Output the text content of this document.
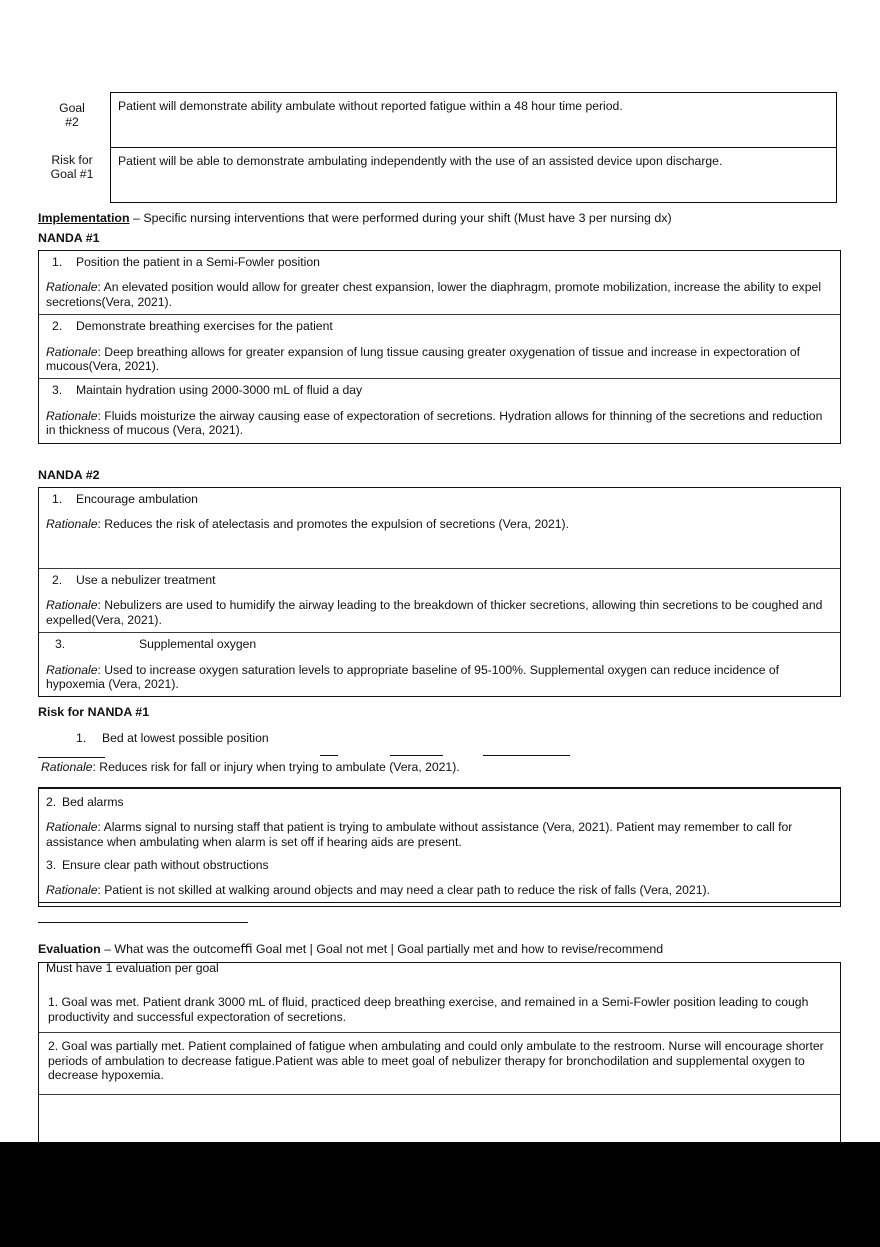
Goal
#2
Risk for
Goal #1
Patient will demonstrate ability ambulate without reported fatigue within a 48 hour time period.
Patient will be able to demonstrate ambulating independently with the use of an assisted device upon discharge.
Implementation – Specific nursing interventions that were performed during your shift (Must have 3 per nursing dx)
NANDA #1

1. Position the patient in a Semi-Fowler position

Rationale: An elevated position would allow for greater chest expansion, lower the diaphragm, promote mobilization, increase the ability to expel secretions(Vera, 2021).

2. Demonstrate breathing exercises for the patient

Rationale: Deep breathing allows for greater expansion of lung tissue causing greater oxygenation of tissue and increase in expectoration of mucous(Vera, 2021).

3. Maintain hydration using 2000-3000 mL of fluid a day

Rationale: Fluids moisturize the airway causing ease of expectoration of secretions. Hydration allows for thinning of the secretions and reduction in thickness of mucous (Vera, 2021).

NANDA #2

1. Encourage ambulation

Rationale: Reduces the risk of atelectasis and promotes the expulsion of secretions (Vera, 2021).

2. Use a nebulizer treatment

Rationale: Nebulizers are used to humidify the airway leading to the breakdown of thicker secretions, allowing thin secretions to be coughed and expelled(Vera, 2021).

3.	Supplemental oxygen

Rationale: Used to increase oxygen saturation levels to appropriate baseline of 95-100%. Supplemental oxygen can reduce incidence of hypoxemia (Vera, 2021).

Risk for NANDA #1
1. Bed at lowest possible position
Rationale: Reduces risk for fall or injury when trying to ambulate (Vera, 2021).

2. Bed alarms

Rationale: Alarms signal to nursing staff that patient is trying to ambulate without assistance (Vera, 2021). Patient may remember to call for assistance when ambulating when alarm is set off if hearing aids are present.

3. Ensure clear path without obstructions

Rationale: Patient is not skilled at walking around objects and may need a clear path to reduce the risk of falls (Vera, 2021).

Evaluation – What was the outcomeﬃ Goal met | Goal not met | Goal partially met and how to revise/recommend

Must have 1 evaluation per goal

1. Goal was met. Patient drank 3000 mL of fluid, practiced deep breathing exercise, and remained in a Semi-Fowler position leading to cough productivity and successful expectoration of secretions.

2. Goal was partially met. Patient complained of fatigue when ambulating and could only ambulate to the restroom. Nurse will encourage shorter periods of ambulation to decrease fatigue.Patient was able to meet goal of nebulizer therapy for bronchodilation and supplemental oxygen to decrease hypoxemia.
